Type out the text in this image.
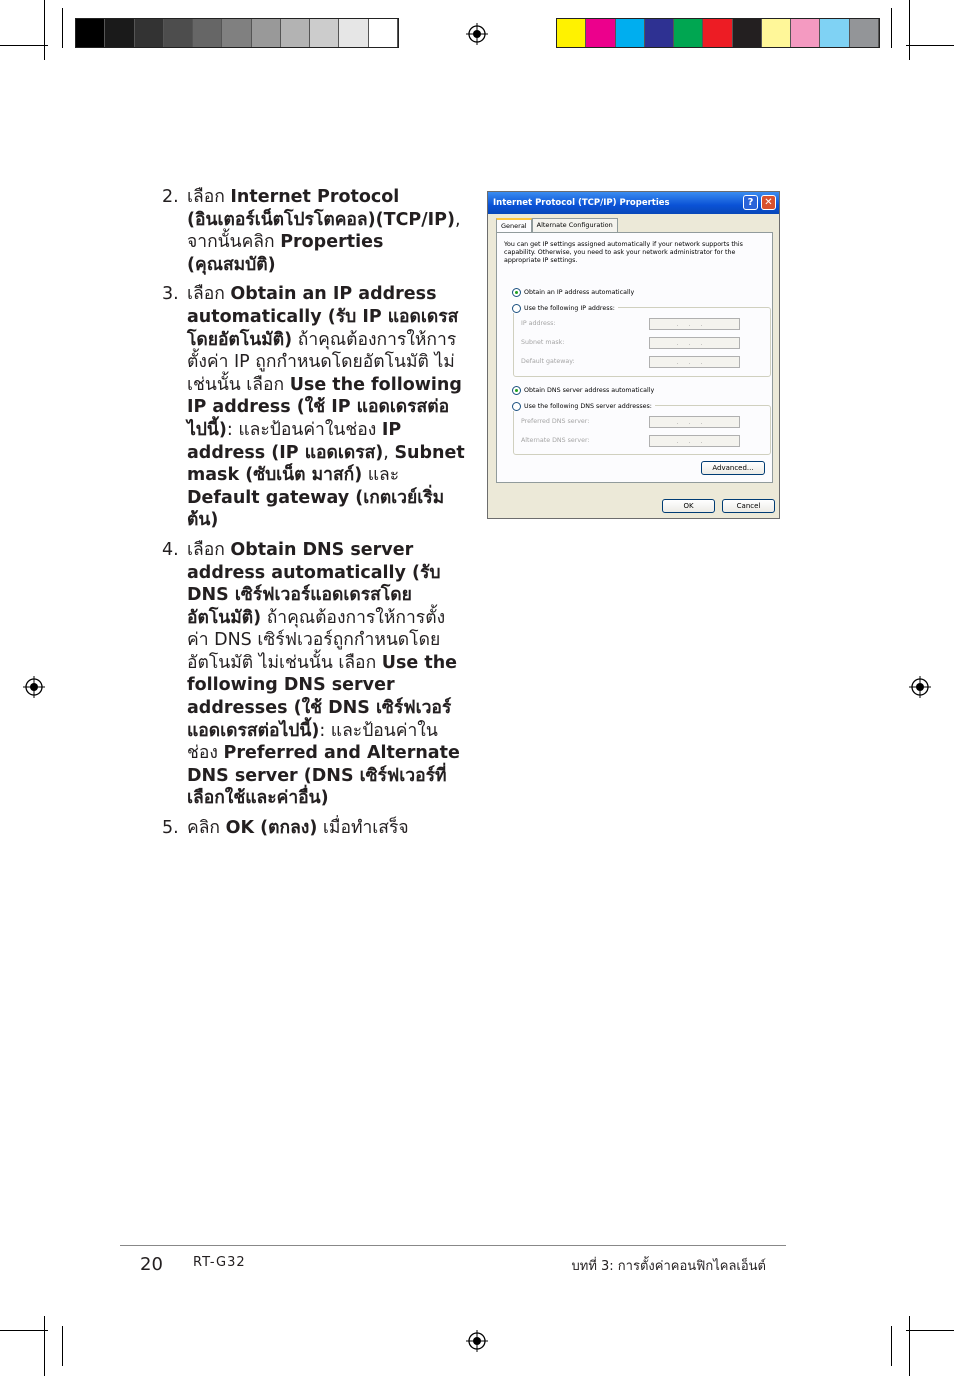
2. เลือก Internet Protocol (อินเตอร์เน็ตโปรโตคอล)(TCP/IP), จากนั้นคลิก Properties (คุณสมบัติ)
3. เลือก Obtain an IP address automatically (รับ IP แอดเดรสโดยอัตโนมัติ) ถ้าคุณต้องการให้การตั้งค่า IP ถูกกำหนดโดยอัตโนมัติ ไม่เช่นนั้น เลือก Use the following IP address (ใช้ IP แอดเดรสต่อไปนี้): และป้อนค่าในช่อง IP address (IP แอดเดรส), Subnet mask (ซับเน็ต มาสก์) และ Default gateway (เกตเวย์เริ่มต้น)
4. เลือก Obtain DNS server address automatically (รับ DNS เซิร์ฟเวอร์แอดเดรสโดยอัตโนมัติ) ถ้าคุณต้องการให้การตั้งค่า DNS เซิร์ฟเวอร์ถูกกำหนดโดยอัตโนมัติ ไม่เช่นนั้น เลือก Use the following DNS server addresses (ใช้ DNS เซิร์ฟเวอร์แอดเดรสต่อไปนี้): และป้อนค่าในช่อง Preferred and Alternate DNS server (DNS เซิร์ฟเวอร์ที่เลือกใช้และค่าอื่น)
5. คลิก OK (ตกลง) เมื่อทำเสร็จ
Internet Protocol (TCP/IP) Properties	?	✕
General	Alternate Configuration
You can get IP settings assigned automatically if your network supports this capability. Otherwise, you need to ask your network administrator for the appropriate IP settings.
Obtain an IP address automatically
IP address:	...
Subnet mask:	...
Default gateway:	...
Use the following IP address:
Obtain DNS server address automatically
Preferred DNS server:	...
Alternate DNS server:	...
Use the following DNS server addresses:
Advanced...
OK	Cancel
20 RT-G32	บทที่ 3: การตั้งค่าคอนฟิกไคลเอ็นต์
